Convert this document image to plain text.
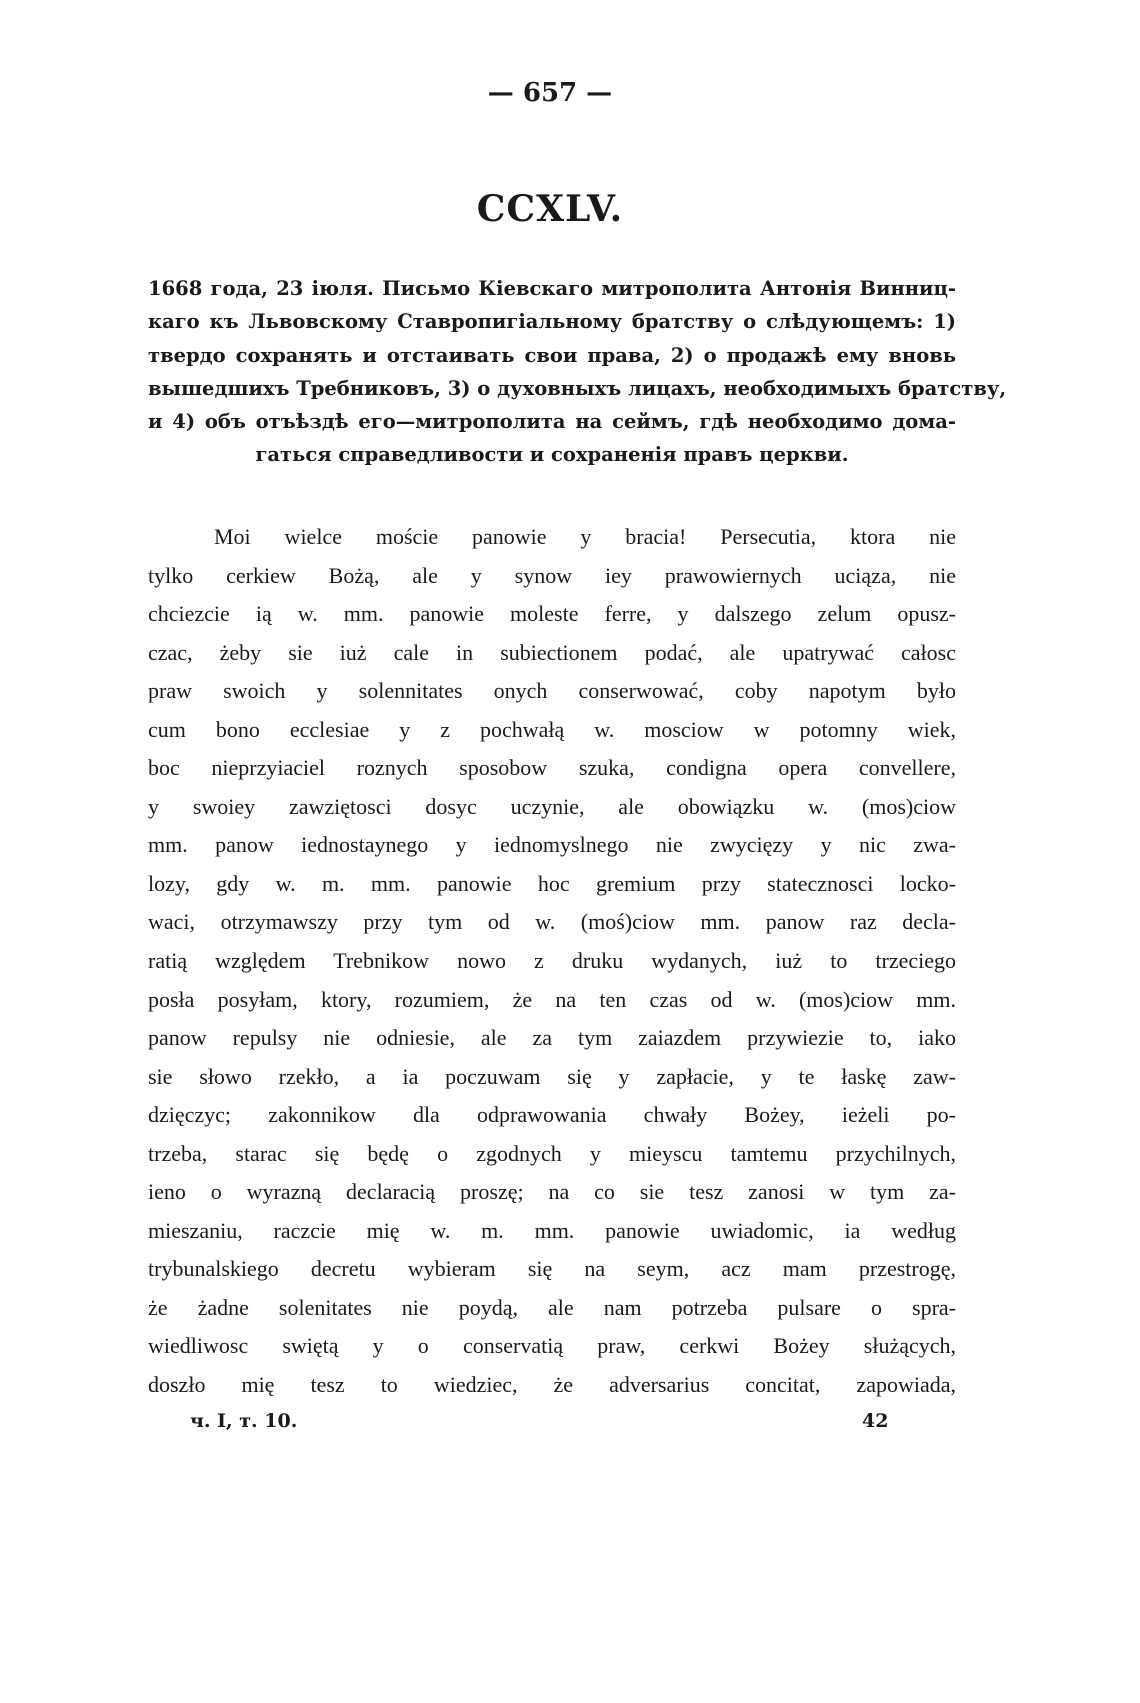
— 657 —
CCXLV.
1668 года, 23 іюля. Письмо Кіевскаго митрополита Антонія Винниц-
каго къ Львовскому Ставропигіальному братству о слѣдующемъ: 1)
твердо сохранять и отстаивать свои права, 2) о продажѣ ему вновь
вышедшихъ Требниковъ, 3) о духовныхъ лицахъ, необходимыхъ братству,
и 4) объ отъѣздѣ его—митрополита на сеймъ, гдѣ необходимо дома-
гаться справедливости и сохраненія правъ церкви.
Moi wielce moście panowie y bracia! Persecutia, ktora nie
tylko cerkiew Bożą, ale y synow iey prawowiernych uciąza, nie
chciezcie ią w. mm. panowie moleste ferre, y dalszego zelum opusz-
czac, żeby sie iuż cale in subiectionem podać, ale upatrywać całosc
praw swoich y solennitates onych conserwować, coby napotym było
cum bono ecclesiae y z pochwałą w. mosciow w potomny wiek,
boc nieprzyiaciel roznych sposobow szuka, condigna opera convellere,
y swoiey zawziętosci dosyc uczynie, ale obowiązku w. (mos)ciow
mm. panow iednostaynego y iednomyslnego nie zwycięzy y nic zwa-
lozy, gdy w. m. mm. panowie hoc gremium przy statecznosci locko-
waci, otrzymawszy przy tym od w. (moś)ciow mm. panow raz decla-
ratią względem Trebnikow nowo z druku wydanych, iuż to trzeciego
posła posyłam, ktory, rozumiem, że na ten czas od w. (mos)ciow mm.
panow repulsy nie odniesie, ale za tym zaiazdem przywiezie to, iako
sie słowo rzekło, a ia poczuwam się y zapłacie, y te łaskę zaw-
dzięczyc; zakonnikow dla odprawowania chwały Bożey, ieżeli po-
trzeba, starac się będę o zgodnych y mieyscu tamtemu przychilnych,
ieno o wyrazną declaracią proszę; na co sie tesz zanosi w tym za-
mieszaniu, raczcie mię w. m. mm. panowie uwiadomic, ia według
trybunalskiego decretu wybieram się na seym, acz mam przestrogę,
że żadne solenitates nie poydą, ale nam potrzeba pulsare o spra-
wiedliwosc swiętą y o conservatią praw, cerkwi Bożey służących,
doszło mię tesz to wiedziec, że adversarius concitat, zapowiada,
ч. I, т. 10.	42
